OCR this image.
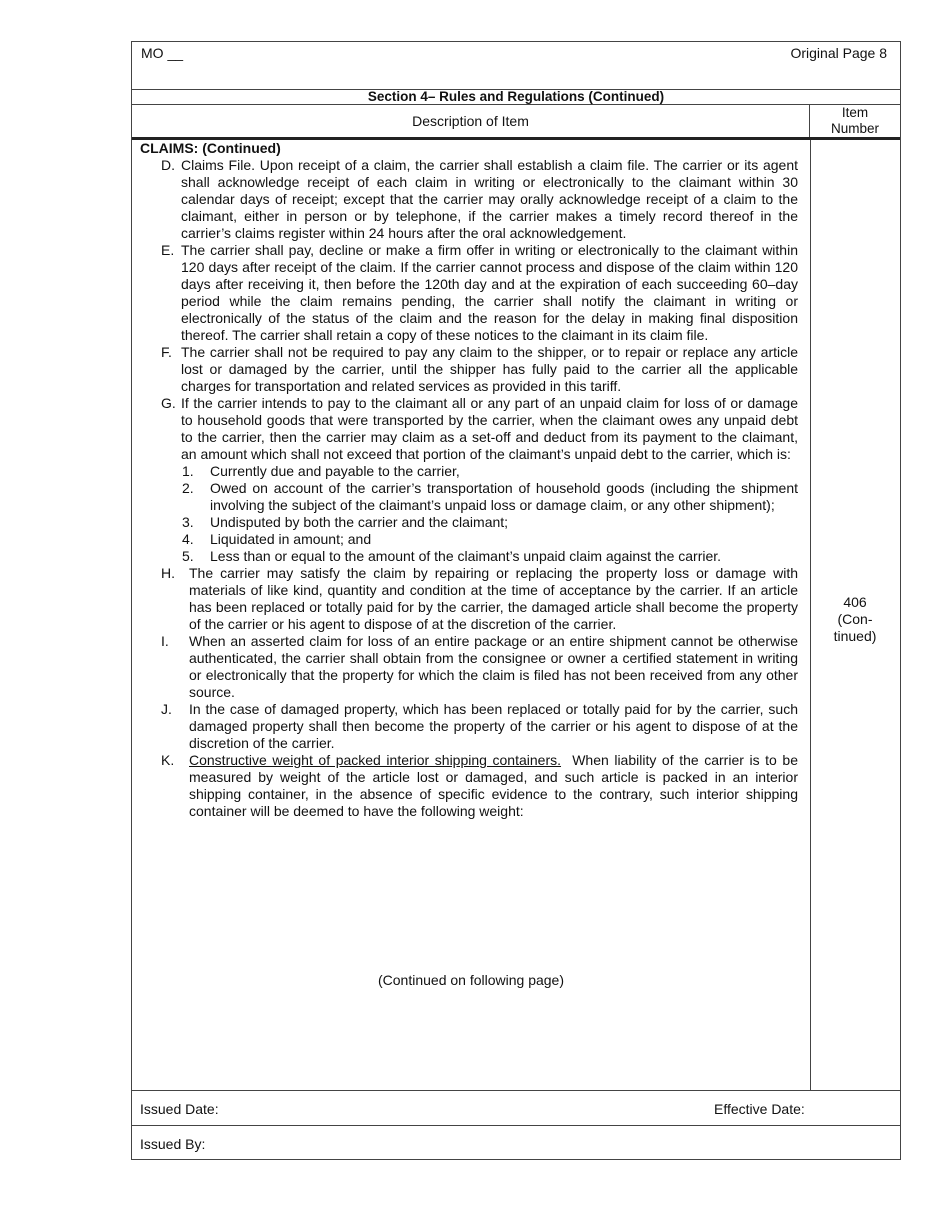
MO __	Original Page 8
Section 4– Rules and Regulations (Continued)
Description of Item
Item
Number
CLAIMS: (Continued)
D. Claims File. Upon receipt of a claim, the carrier shall establish a claim file. The carrier or its agent shall acknowledge receipt of each claim in writing or electronically to the claimant within 30 calendar days of receipt; except that the carrier may orally acknowledge receipt of a claim to the claimant, either in person or by telephone, if the carrier makes a timely record thereof in the carrier’s claims register within 24 hours after the oral acknowledgement.
E. The carrier shall pay, decline or make a firm offer in writing or electronically to the claimant within 120 days after receipt of the claim. If the carrier cannot process and dispose of the claim within 120 days after receiving it, then before the 120th day and at the expiration of each succeeding 60–day period while the claim remains pending, the carrier shall notify the claimant in writing or electronically of the status of the claim and the reason for the delay in making final disposition thereof. The carrier shall retain a copy of these notices to the claimant in its claim file.
F. The carrier shall not be required to pay any claim to the shipper, or to repair or replace any article lost or damaged by the carrier, until the shipper has fully paid to the carrier all the applicable charges for transportation and related services as provided in this tariff.
G. If the carrier intends to pay to the claimant all or any part of an unpaid claim for loss of or damage to household goods that were transported by the carrier, when the claimant owes any unpaid debt to the carrier, then the carrier may claim as a set-off and deduct from its payment to the claimant, an amount which shall not exceed that portion of the claimant’s unpaid debt to the carrier, which is:
1. Currently due and payable to the carrier,
2. Owed on account of the carrier’s transportation of household goods (including the shipment involving the subject of the claimant’s unpaid loss or damage claim, or any other shipment);
3. Undisputed by both the carrier and the claimant;
4. Liquidated in amount; and
5. Less than or equal to the amount of the claimant’s unpaid claim against the carrier.
H. The carrier may satisfy the claim by repairing or replacing the property loss or damage with materials of like kind, quantity and condition at the time of acceptance by the carrier. If an article has been replaced or totally paid for by the carrier, the damaged article shall become the property of the carrier or his agent to dispose of at the discretion of the carrier.
I. When an asserted claim for loss of an entire package or an entire shipment cannot be otherwise authenticated, the carrier shall obtain from the consignee or owner a certified statement in writing or electronically that the property for which the claim is filed has not been received from any other source.
J. In the case of damaged property, which has been replaced or totally paid for by the carrier, such damaged property shall then become the property of the carrier or his agent to dispose of at the discretion of the carrier.
K. Constructive weight of packed interior shipping containers. When liability of the carrier is to be measured by weight of the article lost or damaged, and such article is packed in an interior shipping container, in the absence of specific evidence to the contrary, such interior shipping container will be deemed to have the following weight:
(Continued on following page)
406
(Con-
tinued)
Issued Date:	Effective Date:
Issued By:
